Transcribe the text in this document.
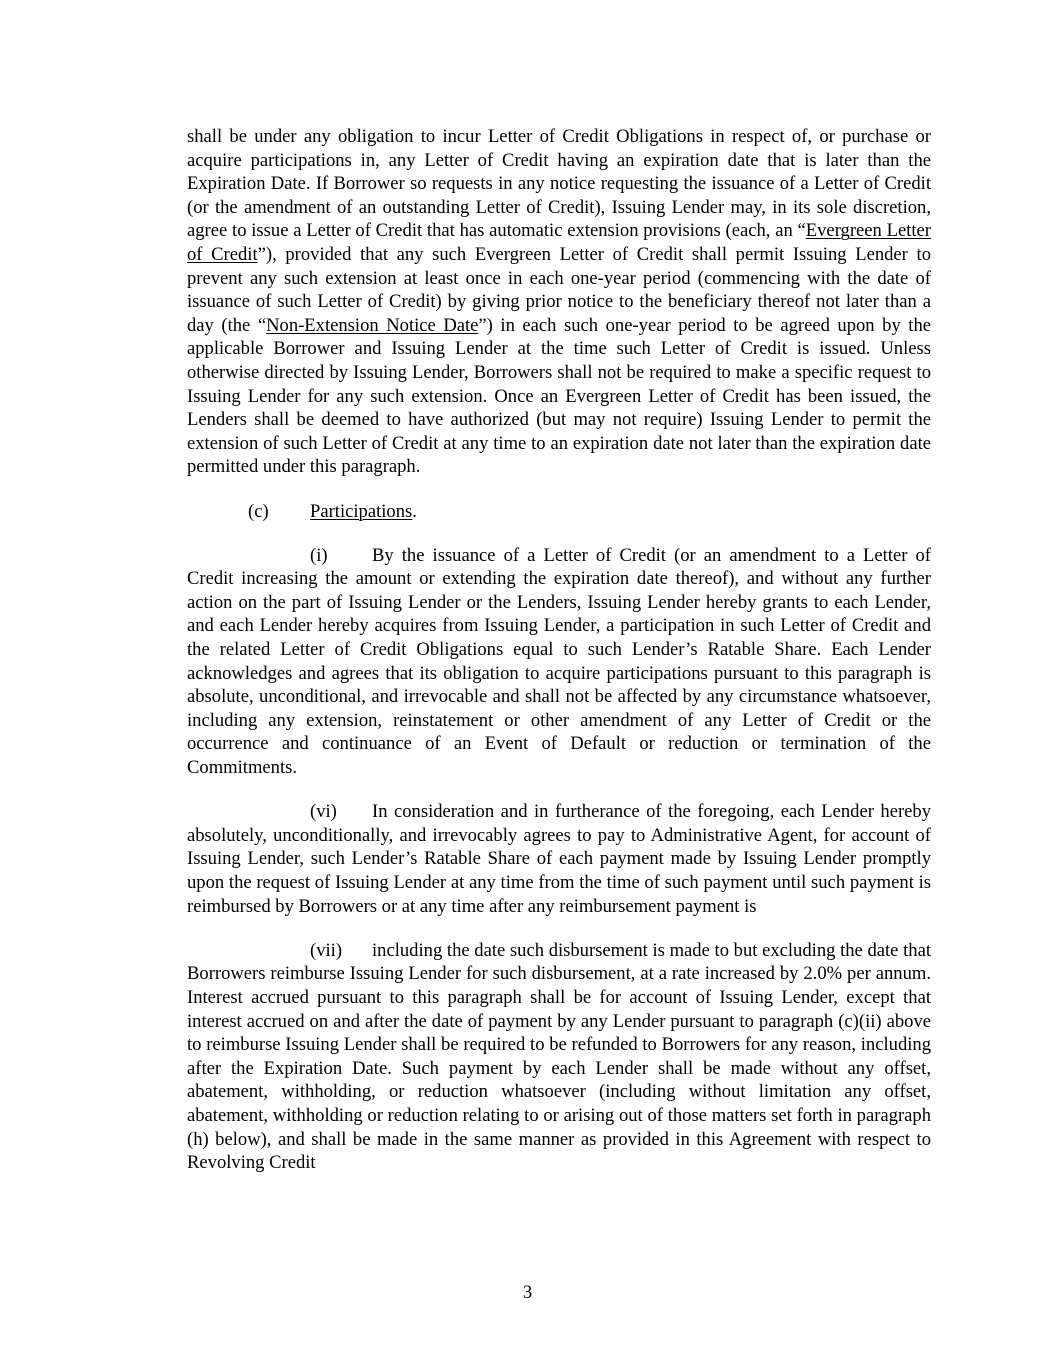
shall be under any obligation to incur Letter of Credit Obligations in respect of, or purchase or acquire participations in, any Letter of Credit having an expiration date that is later than the Expiration Date. If Borrower so requests in any notice requesting the issuance of a Letter of Credit (or the amendment of an outstanding Letter of Credit), Issuing Lender may, in its sole discretion, agree to issue a Letter of Credit that has automatic extension provisions (each, an “Evergreen Letter of Credit”), provided that any such Evergreen Letter of Credit shall permit Issuing Lender to prevent any such extension at least once in each one-year period (commencing with the date of issuance of such Letter of Credit) by giving prior notice to the beneficiary thereof not later than a day (the “Non-Extension Notice Date”) in each such one-year period to be agreed upon by the applicable Borrower and Issuing Lender at the time such Letter of Credit is issued. Unless otherwise directed by Issuing Lender, Borrowers shall not be required to make a specific request to Issuing Lender for any such extension. Once an Evergreen Letter of Credit has been issued, the Lenders shall be deemed to have authorized (but may not require) Issuing Lender to permit the extension of such Letter of Credit at any time to an expiration date not later than the expiration date permitted under this paragraph.

(c) Participations.

(i) By the issuance of a Letter of Credit (or an amendment to a Letter of Credit increasing the amount or extending the expiration date thereof), and without any further action on the part of Issuing Lender or the Lenders, Issuing Lender hereby grants to each Lender, and each Lender hereby acquires from Issuing Lender, a participation in such Letter of Credit and the related Letter of Credit Obligations equal to such Lender’s Ratable Share. Each Lender acknowledges and agrees that its obligation to acquire participations pursuant to this paragraph is absolute, unconditional, and irrevocable and shall not be affected by any circumstance whatsoever, including any extension, reinstatement or other amendment of any Letter of Credit or the occurrence and continuance of an Event of Default or reduction or termination of the Commitments.

(vi) In consideration and in furtherance of the foregoing, each Lender hereby absolutely, unconditionally, and irrevocably agrees to pay to Administrative Agent, for account of Issuing Lender, such Lender’s Ratable Share of each payment made by Issuing Lender promptly upon the request of Issuing Lender at any time from the time of such payment until such payment is reimbursed by Borrowers or at any time after any reimbursement payment is

(vii) including the date such disbursement is made to but excluding the date that Borrowers reimburse Issuing Lender for such disbursement, at a rate increased by 2.0% per annum. Interest accrued pursuant to this paragraph shall be for account of Issuing Lender, except that interest accrued on and after the date of payment by any Lender pursuant to paragraph (c)(ii) above to reimburse Issuing Lender shall be required to be refunded to Borrowers for any reason, including after the Expiration Date. Such payment by each Lender shall be made without any offset, abatement, withholding, or reduction whatsoever (including without limitation any offset, abatement, withholding or reduction relating to or arising out of those matters set forth in paragraph (h) below), and shall be made in the same manner as provided in this Agreement with respect to Revolving Credit

3
